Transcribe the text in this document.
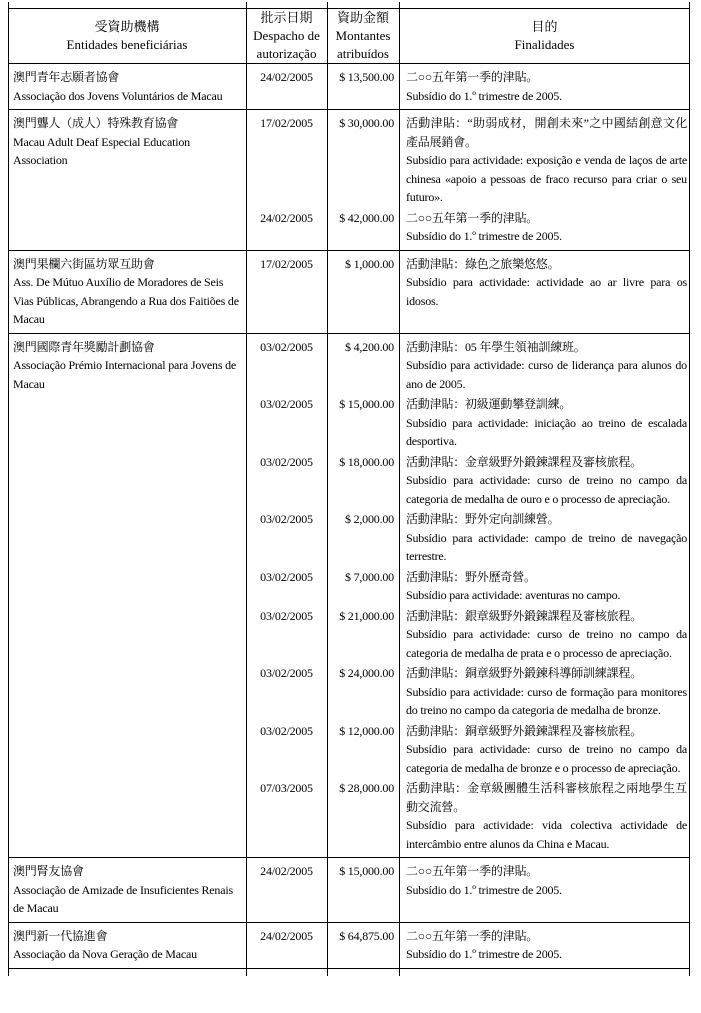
受資助機構
Entidades beneficiárias
批示日期
Despacho de autorização
資助金額
Montantes atribuídos
目的
Finalidades
澳門青年志願者協會
Associação dos Jovens Voluntários de Macau
24/02/2005	$ 13,500.00	二○○五年第一季的津貼。
Subsídio do 1.º trimestre de 2005.
澳門聾人（成人）特殊教育協會
Macau Adult Deaf Especial Education Association
17/02/2005	$ 30,000.00	活動津貼：“助弱成材，開創未來”之中國結創意文化產品展銷會。
Subsídio para actividade: exposição e venda de laços de arte chinesa «apoio a pessoas de fraco recurso para criar o seu futuro».
24/02/2005	$ 42,000.00	二○○五年第一季的津貼。
Subsídio do 1.º trimestre de 2005.
澳門果欄六街區坊眾互助會
Ass. De Mútuo Auxílio de Moradores de Seis Vias Públicas, Abrangendo a Rua dos Faitiões de Macau
17/02/2005	$ 1,000.00	活動津貼：綠色之旅樂悠悠。
Subsídio para actividade: actividade ao ar livre para os idosos.
澳門國際青年獎勵計劃協會
Associação Prémio Internacional para Jovens de Macau
03/02/2005	$ 4,200.00	活動津貼：05 年學生領袖訓練班。
Subsídio para actividade: curso de liderança para alunos do ano de 2005.
03/02/2005	$ 15,000.00	活動津貼：初級運動攀登訓練。
Subsídio para actividade: iniciação ao treino de escalada desportiva.
03/02/2005	$ 18,000.00	活動津貼：金章級野外鍛鍊課程及審核旅程。
Subsídio para actividade: curso de treino no campo da categoria de medalha de ouro e o processo de apreciação.
03/02/2005	$ 2,000.00	活動津貼：野外定向訓練營。
Subsídio para actividade: campo de treino de navegação terrestre.
03/02/2005	$ 7,000.00	活動津貼：野外歷奇營。
Subsídio para actividade: aventuras no campo.
03/02/2005	$ 21,000.00	活動津貼：銀章級野外鍛鍊課程及審核旅程。
Subsídio para actividade: curso de treino no campo da categoria de medalha de prata e o processo de apreciação.
03/02/2005	$ 24,000.00	活動津貼：銅章級野外鍛鍊科導師訓練課程。
Subsídio para actividade: curso de formação para monitores do treino no campo da categoria de medalha de bronze.
03/02/2005	$ 12,000.00	活動津貼：銅章級野外鍛鍊課程及審核旅程。
Subsídio para actividade: curso de treino no campo da categoria de medalha de bronze e o processo de apreciação.
07/03/2005	$ 28,000.00	活動津貼：金章級團體生活科審核旅程之兩地學生互動交流營。
Subsídio para actividade: vida colectiva actividade de intercâmbio entre alunos da China e Macau.
澳門腎友協會
Associação de Amizade de Insuficientes Renais de Macau
24/02/2005	$ 15,000.00	二○○五年第一季的津貼。
Subsídio do 1.º trimestre de 2005.
澳門新一代協進會
Associação da Nova Geração de Macau
24/02/2005	$ 64,875.00	二○○五年第一季的津貼。
Subsídio do 1.º trimestre de 2005.
